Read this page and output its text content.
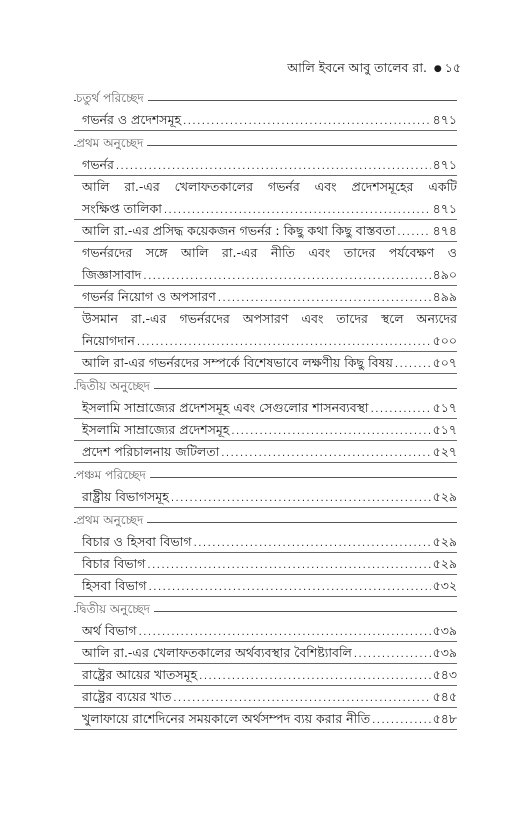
আলি ইবনে আবু তালেব রা. ● ১৫
চতুর্থ পরিচ্ছেদ
গভর্নর ও প্রদেশসমূহ .....	৪৭১
প্রথম অনুচ্ছেদ
গভর্নর .....	৪৭১
আলি রা.-এর খেলাফতকালের গভর্নর এবং প্রদেশসমূহের একটি
সংক্ষিপ্ত তালিকা .....	৪৭১
আলি রা.-এর প্রসিদ্ধ কয়েকজন গভর্নর : কিছু কথা কিছু বাস্তবতা .....	৪৭৪
গভর্নরদের সঙ্গে আলি রা.-এর নীতি এবং তাদের পর্যবেক্ষণ ও
জিজ্ঞাসাবাদ .....	৪৯০
গভর্নর নিয়োগ ও অপসারণ .....	৪৯৯
উসমান রা.-এর গভর্নরদের অপসারণ এবং তাদের স্থলে অন্যদের
নিয়োগদান .....	৫০০
আলি রা-এর গভর্নরদের সম্পর্কে বিশেষভাবে লক্ষণীয় কিছু বিষয় .....	৫০৭
দ্বিতীয় অনুচ্ছেদ
ইসলামি সাম্রাজ্যের প্রদেশসমূহ এবং সেগুলোর শাসনব্যবস্থা .....	৫১৭
ইসলামি সাম্রাজ্যের প্রদেশসমূহ .....	৫১৭
প্রদেশ পরিচালনায় জটিলতা .....	৫২৭
পঞ্চম পরিচ্ছেদ
রাষ্ট্রীয় বিভাগসমূহ .....	৫২৯
প্রথম অনুচ্ছেদ
বিচার ও হিসবা বিভাগ .....	৫২৯
বিচার বিভাগ .....	৫২৯
হিসবা বিভাগ .....	৫৩২
দ্বিতীয় অনুচ্ছেদ
অর্থ বিভাগ .....	৫৩৯
আলি রা.-এর খেলাফতকালের অর্থব্যবস্থার বৈশিষ্ট্যাবলি .....	৫৩৯
রাষ্ট্রের আয়ের খাতসমূহ .....	৫৪৩
রাষ্ট্রের ব্যয়ের খাত .....	৫৪৫
খুলাফায়ে রাশেদিনের সময়কালে অর্থসম্পদ ব্যয় করার নীতি .....	৫৪৮
